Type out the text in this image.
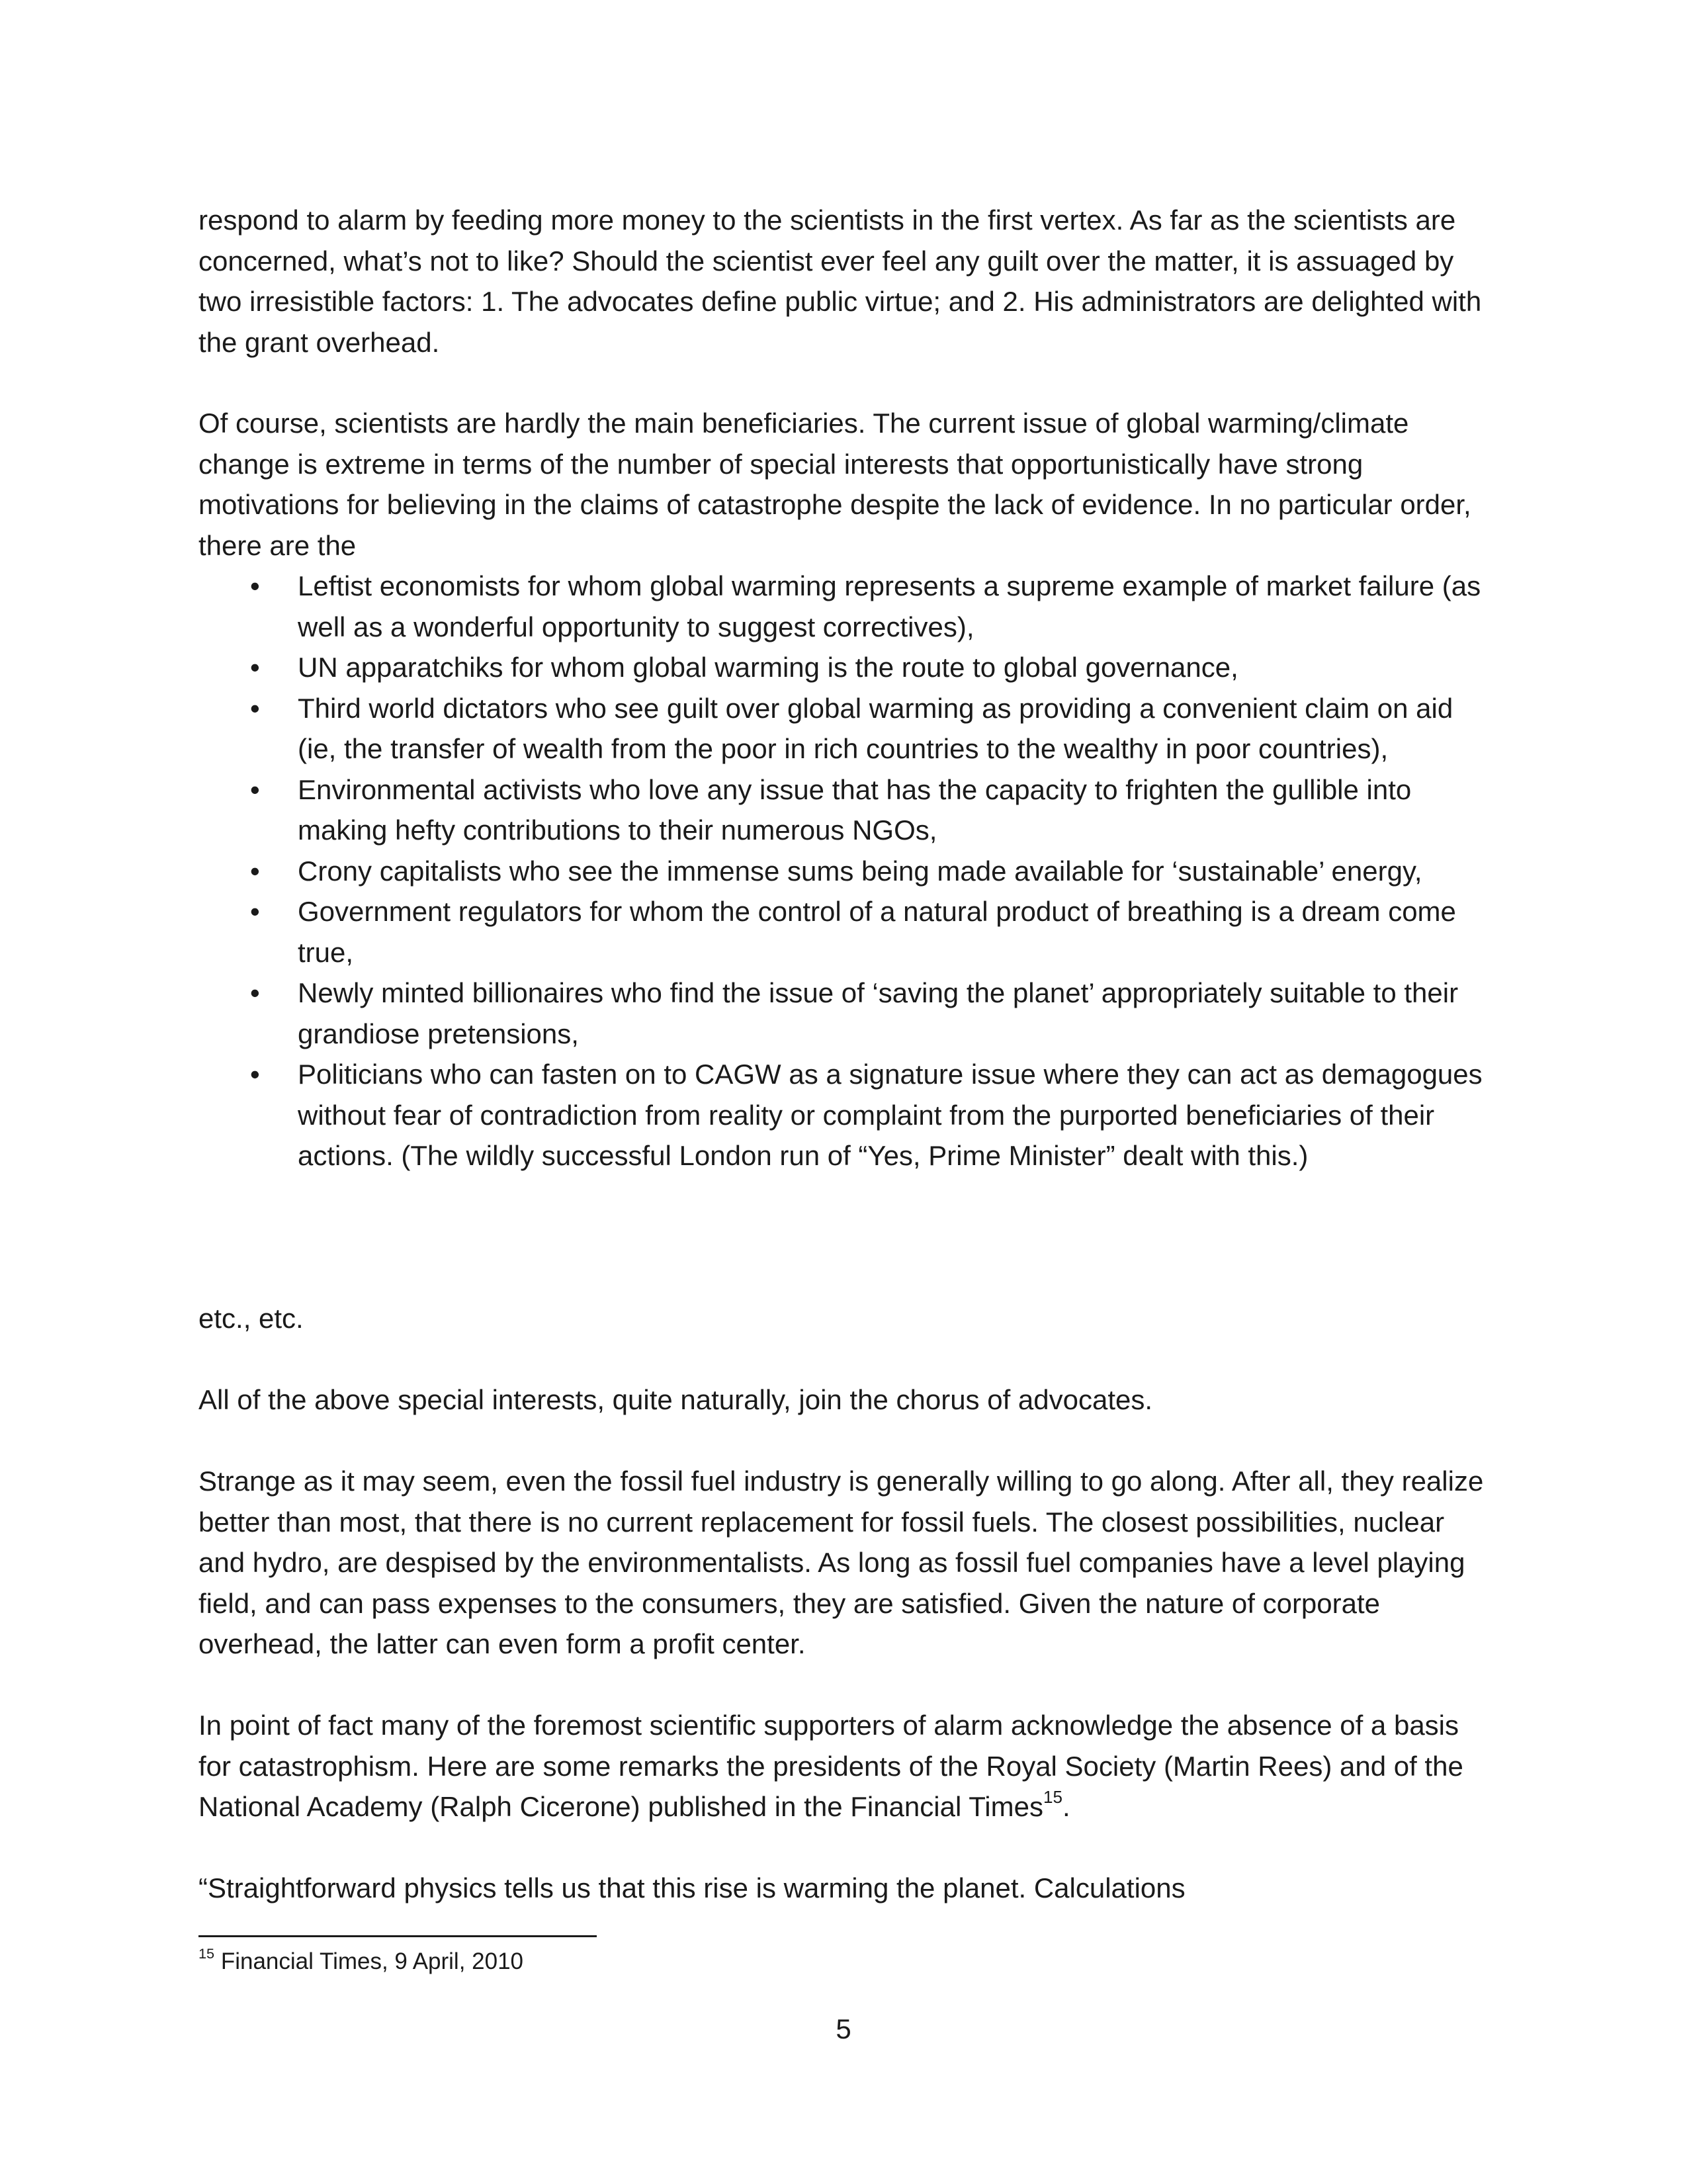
respond to alarm by feeding more money to the scientists in the first vertex. As far as the scientists are concerned, what’s not to like? Should the scientist ever feel any guilt over the matter, it is assuaged by two irresistible factors: 1. The advocates define public virtue; and 2. His administrators are delighted with the grant overhead.

Of course, scientists are hardly the main beneficiaries. The current issue of global warming/climate change is extreme in terms of the number of special interests that opportunistically have strong motivations for believing in the claims of catastrophe despite the lack of evidence. In no particular order, there are the

• Leftist economists for whom global warming represents a supreme example of market failure (as well as a wonderful opportunity to suggest correctives),
• UN apparatchiks for whom global warming is the route to global governance,
• Third world dictators who see guilt over global warming as providing a convenient claim on aid (ie, the transfer of wealth from the poor in rich countries to the wealthy in poor countries),
• Environmental activists who love any issue that has the capacity to frighten the gullible into making hefty contributions to their numerous NGOs,
• Crony capitalists who see the immense sums being made available for ‘sustainable’ energy,
• Government regulators for whom the control of a natural product of breathing is a dream come true,
• Newly minted billionaires who find the issue of ‘saving the planet’ appropriately suitable to their grandiose pretensions,
• Politicians who can fasten on to CAGW as a signature issue where they can act as demagogues without fear of contradiction from reality or complaint from the purported beneficiaries of their actions. (The wildly successful London run of “Yes, Prime Minister” dealt with this.)

etc., etc.

All of the above special interests, quite naturally, join the chorus of advocates.

Strange as it may seem, even the fossil fuel industry is generally willing to go along. After all, they realize better than most, that there is no current replacement for fossil fuels. The closest possibilities, nuclear and hydro, are despised by the environmentalists. As long as fossil fuel companies have a level playing field, and can pass expenses to the consumers, they are satisfied. Given the nature of corporate overhead, the latter can even form a profit center.

In point of fact many of the foremost scientific supporters of alarm acknowledge the absence of a basis for catastrophism. Here are some remarks the presidents of the Royal Society (Martin Rees) and of the National Academy (Ralph Cicerone) published in the Financial Times$^{15}$.

“Straightforward physics tells us that this rise is warming the planet. Calculations

$^{15}$ Financial Times, 9 April, 2010

5
